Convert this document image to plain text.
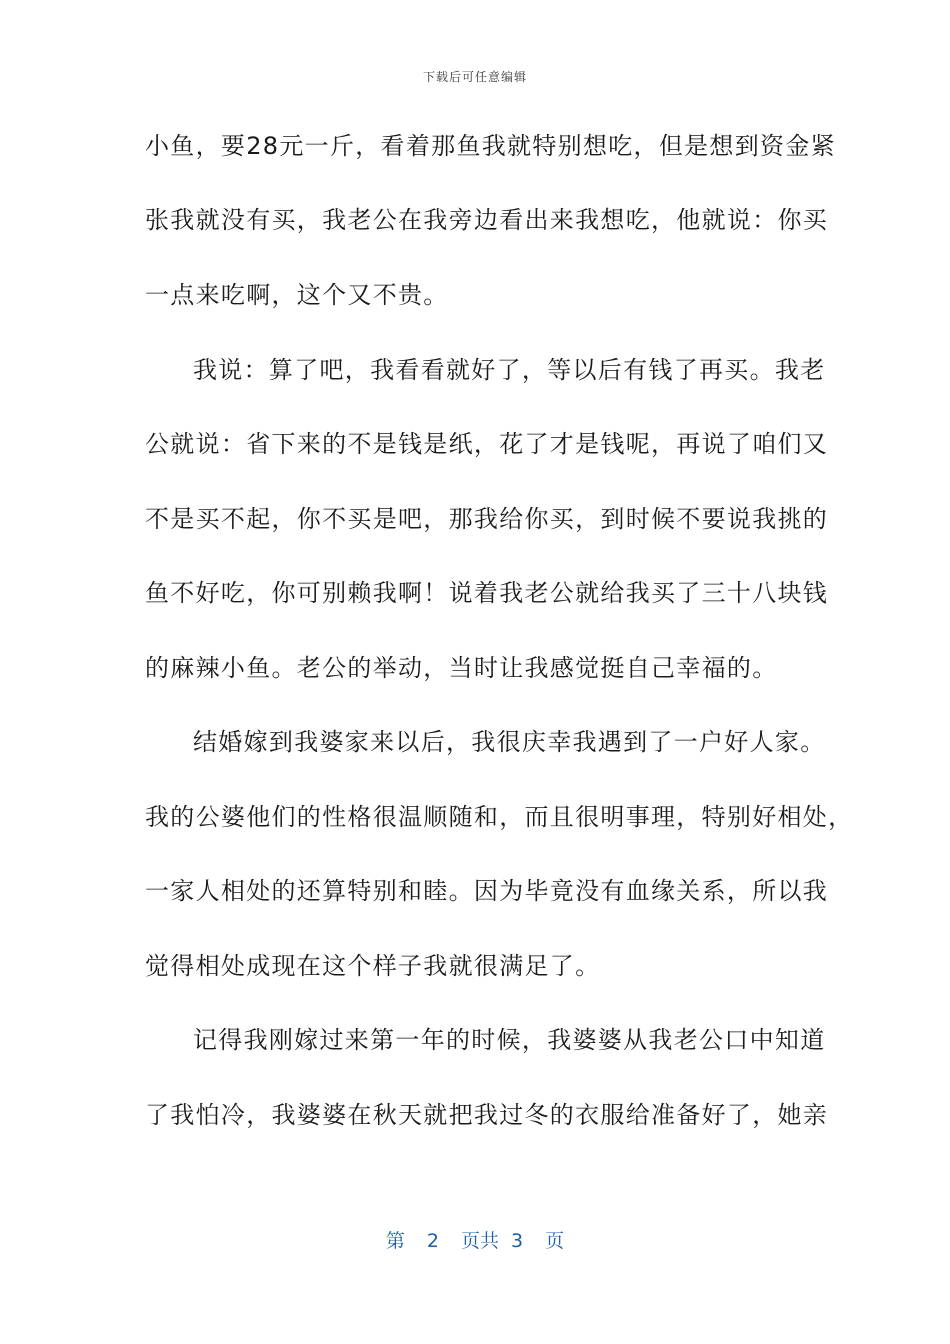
下载后可任意编辑
小鱼，要28元一斤，看着那鱼我就特别想吃，但是想到资金紧
张我就没有买，我老公在我旁边看出来我想吃，他就说：你买
一点来吃啊，这个又不贵。
我说：算了吧，我看看就好了，等以后有钱了再买。我老
公就说：省下来的不是钱是纸，花了才是钱呢，再说了咱们又
不是买不起，你不买是吧，那我给你买，到时候不要说我挑的
鱼不好吃，你可别赖我啊！说着我老公就给我买了三十八块钱
的麻辣小鱼。老公的举动，当时让我感觉挺自己幸福的。
结婚嫁到我婆家来以后，我很庆幸我遇到了一户好人家。
我的公婆他们的性格很温顺随和，而且很明事理，特别好相处，
一家人相处的还算特别和睦。因为毕竟没有血缘关系，所以我
觉得相处成现在这个样子我就很满足了。
记得我刚嫁过来第一年的时候，我婆婆从我老公口中知道
了我怕冷，我婆婆在秋天就把我过冬的衣服给准备好了，她亲
第 2 页共 3 页
